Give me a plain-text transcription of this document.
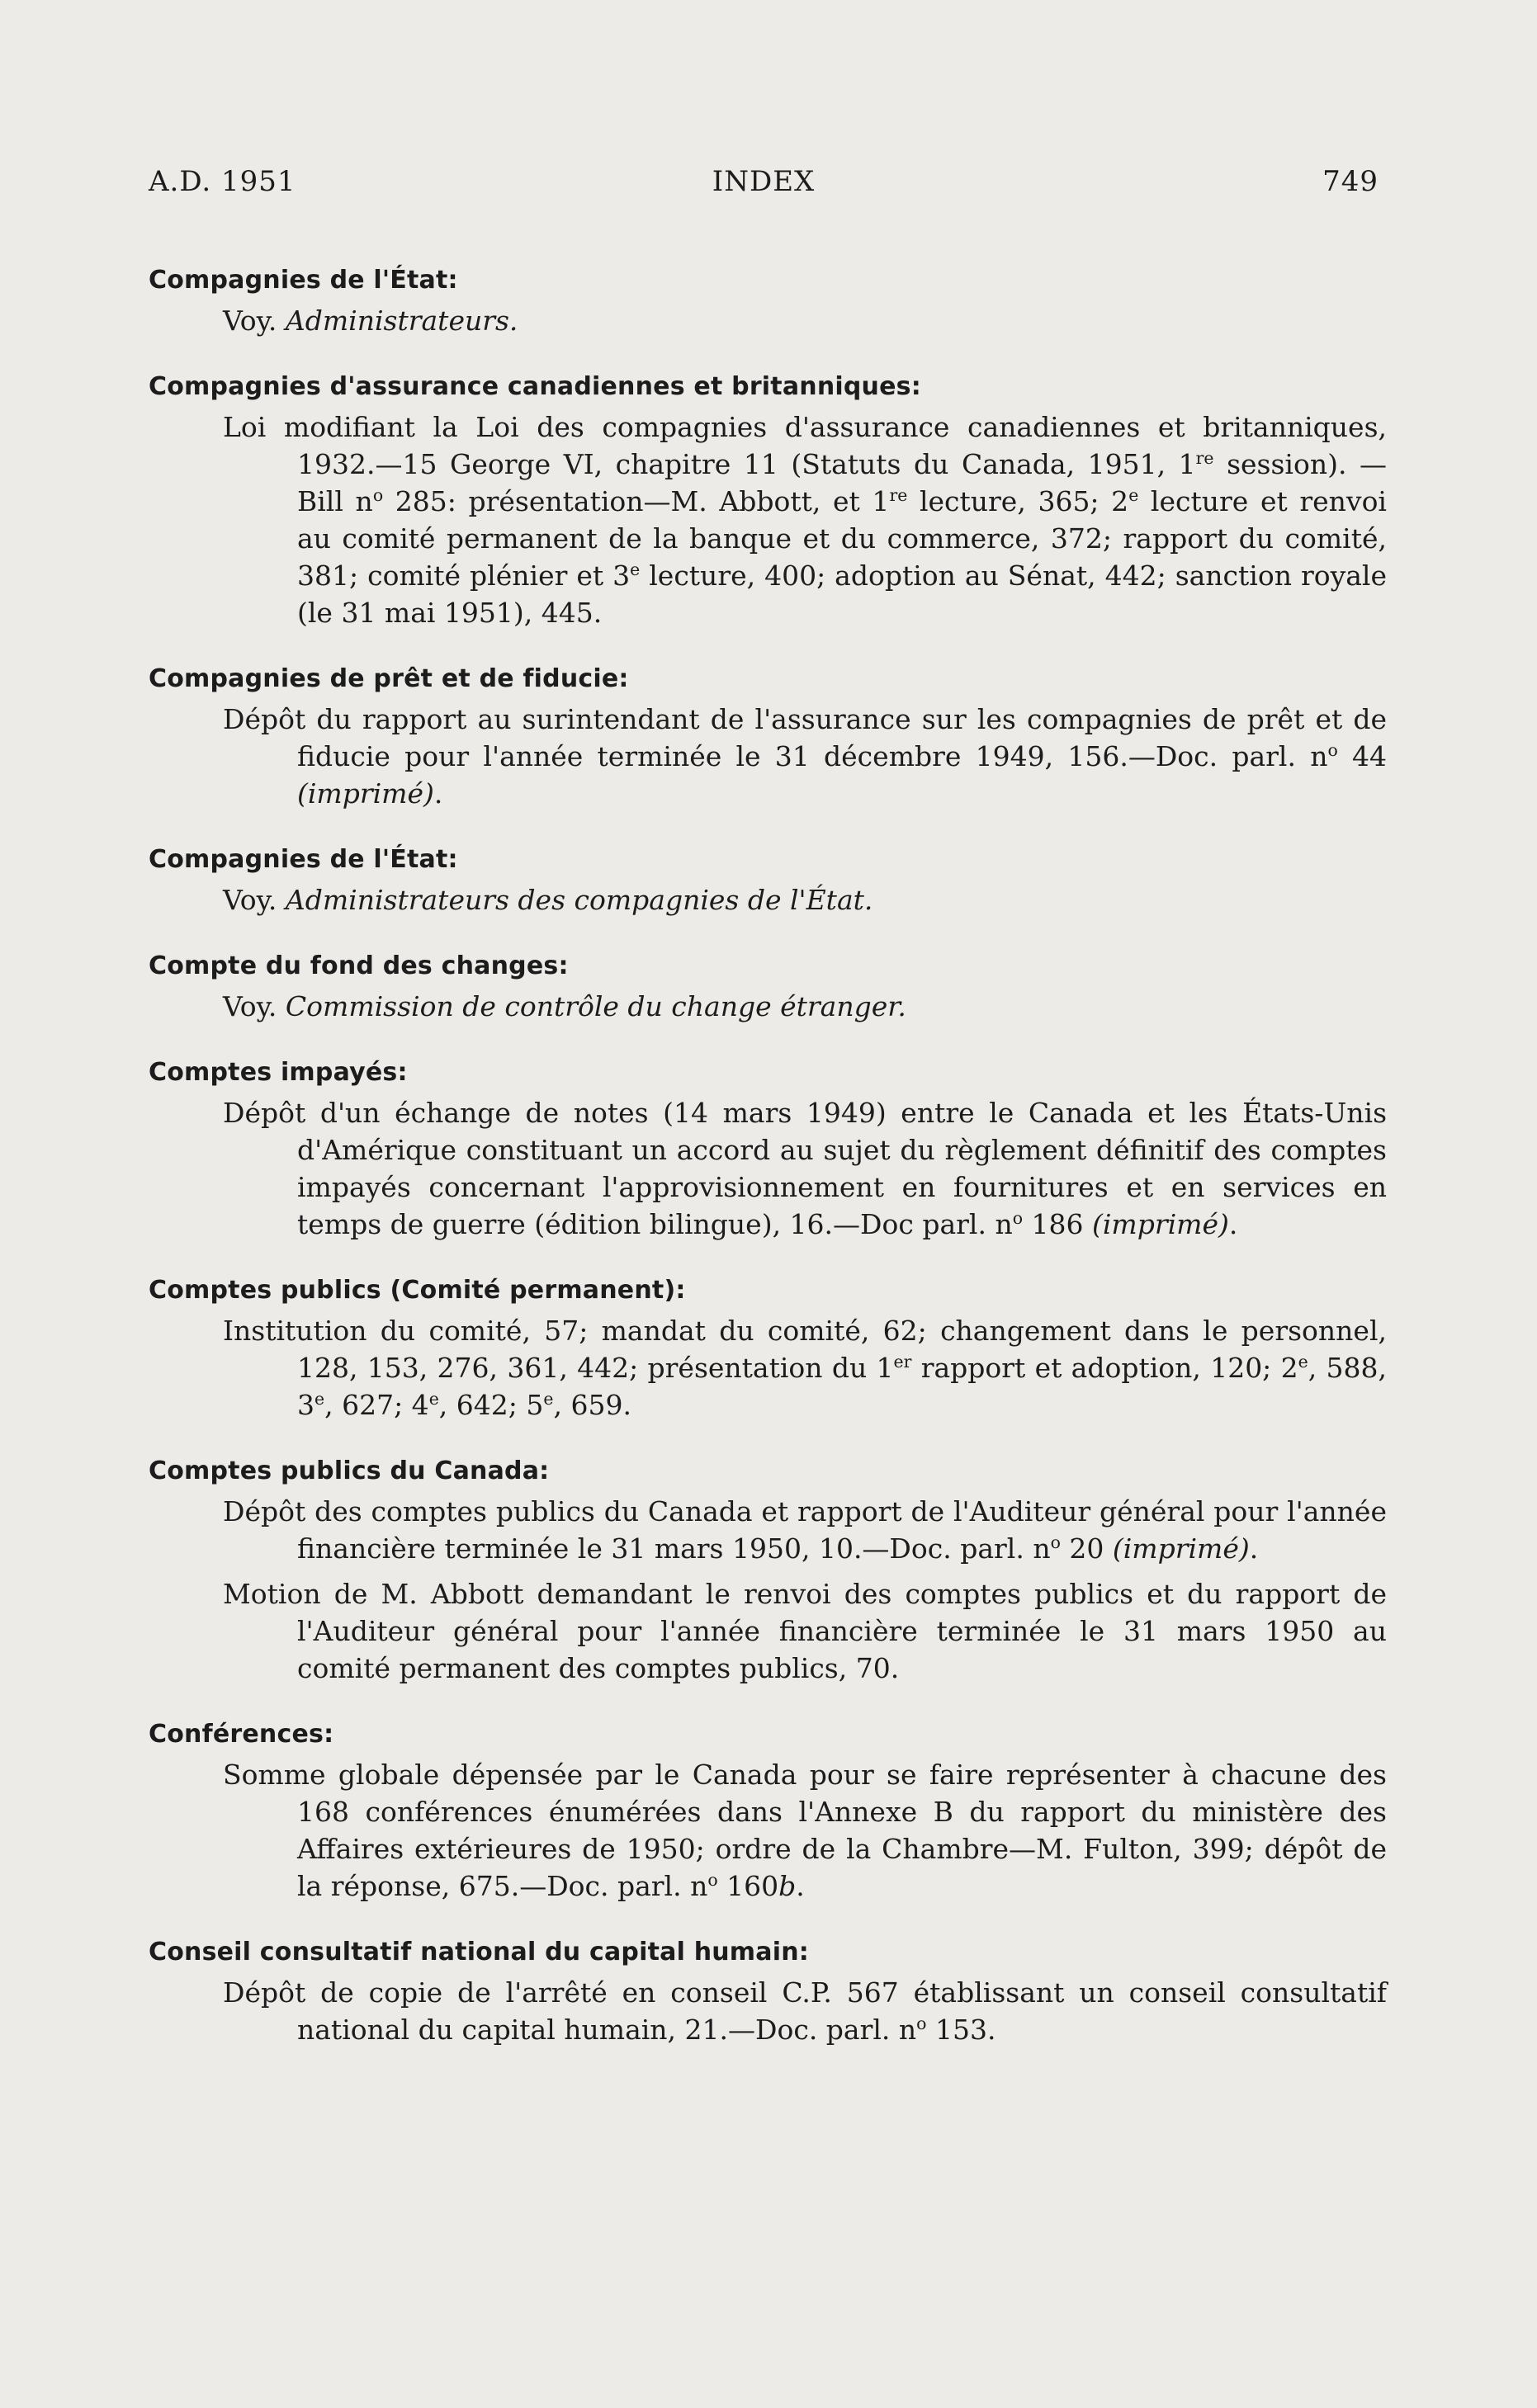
A.D. 1951	INDEX	749
Compagnies de l'État:
Voy. Administrateurs.
Compagnies d'assurance canadiennes et britanniques:
Loi modifiant la Loi des compagnies d'assurance canadiennes et britanniques, 1932.—15 George VI, chapitre 11 (Statuts du Canada, 1951, 1re session). —Bill $n^o$ 285: présentation—M. Abbott, et 1re lecture, 365; 2e lecture et renvoi au comité permanent de la banque et du commerce, 372; rapport du comité, 381; comité plénier et 3e lecture, 400; adoption au Sénat, 442; sanction royale (le 31 mai 1951), 445.
Compagnies de prêt et de fiducie:
Dépôt du rapport au surintendant de l'assurance sur les compagnies de prêt et de fiducie pour l'année terminée le 31 décembre 1949, 156.—Doc. parl. $n^o$ 44 (imprimé).
Compagnies de l'État:
Voy. Administrateurs des compagnies de l'État.
Compte du fond des changes:
Voy. Commission de contrôle du change étranger.
Comptes impayés:
Dépôt d'un échange de notes (14 mars 1949) entre le Canada et les États-Unis d'Amérique constituant un accord au sujet du règlement définitif des comptes impayés concernant l'approvisionnement en fournitures et en services en temps de guerre (édition bilingue), 16.—Doc parl. $n^o$ 186 (imprimé).
Comptes publics (Comité permanent):
Institution du comité, 57; mandat du comité, 62; changement dans le personnel, 128, 153, 276, 361, 442; présentation du 1er rapport et adoption, 120; 2e, 588, 3e, 627; 4e, 642; 5e, 659.
Comptes publics du Canada:
Dépôt des comptes publics du Canada et rapport de l'Auditeur général pour l'année financière terminée le 31 mars 1950, 10.—Doc. parl. $n^o$ 20 (imprimé).
Motion de M. Abbott demandant le renvoi des comptes publics et du rapport de l'Auditeur général pour l'année financière terminée le 31 mars 1950 au comité permanent des comptes publics, 70.
Conférences:
Somme globale dépensée par le Canada pour se faire représenter à chacune des 168 conférences énumérées dans l'Annexe B du rapport du ministère des Affaires extérieures de 1950; ordre de la Chambre—M. Fulton, 399; dépôt de la réponse, 675.—Doc. parl. $n^o$ 160b.
Conseil consultatif national du capital humain:
Dépôt de copie de l'arrêté en conseil C.P. 567 établissant un conseil consultatif national du capital humain, 21.—Doc. parl. $n^o$ 153.
